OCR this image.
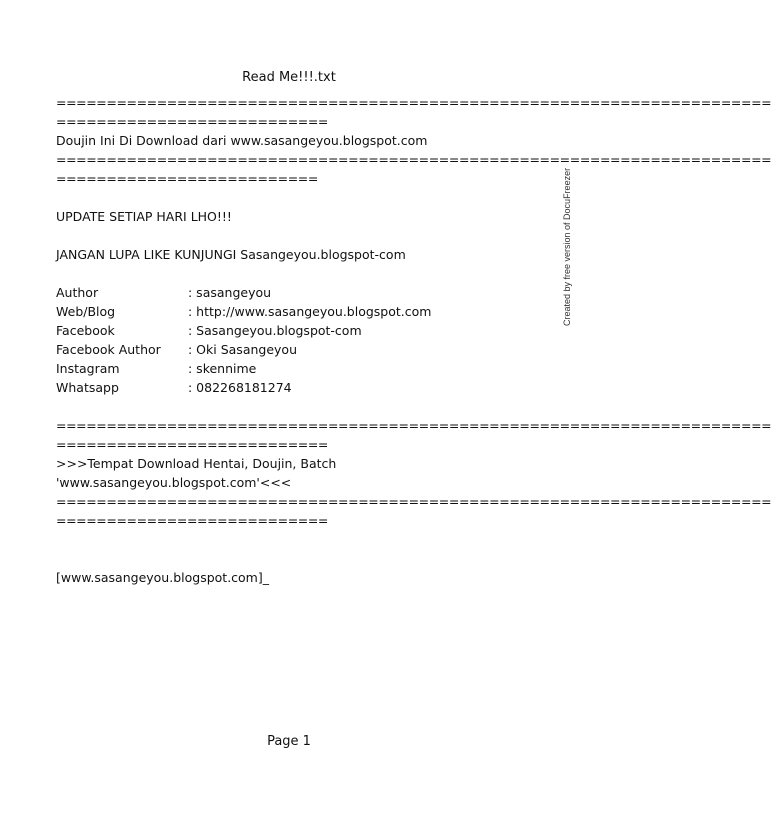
Read Me!!!.txt
=======================================================================
===========================
Doujin Ini Di Download dari www.sasangeyou.blogspot.com
=======================================================================
==========================
UPDATE SETIAP HARI LHO!!!
JANGAN LUPA LIKE KUNJUNGI Sasangeyou.blogspot-com
Author	: sasangeyou
Web/Blog	: http://www.sasangeyou.blogspot.com
Facebook	: Sasangeyou.blogspot-com
Facebook Author	: Oki Sasangeyou
Instagram	: skennime
Whatsapp	: 082268181274
=======================================================================
===========================
>>>Tempat Download Hentai, Doujin, Batch
'www.sasangeyou.blogspot.com'<<<
=======================================================================
===========================
[www.sasangeyou.blogspot.com]_
Page 1
Created by free version of DocuFreezer
